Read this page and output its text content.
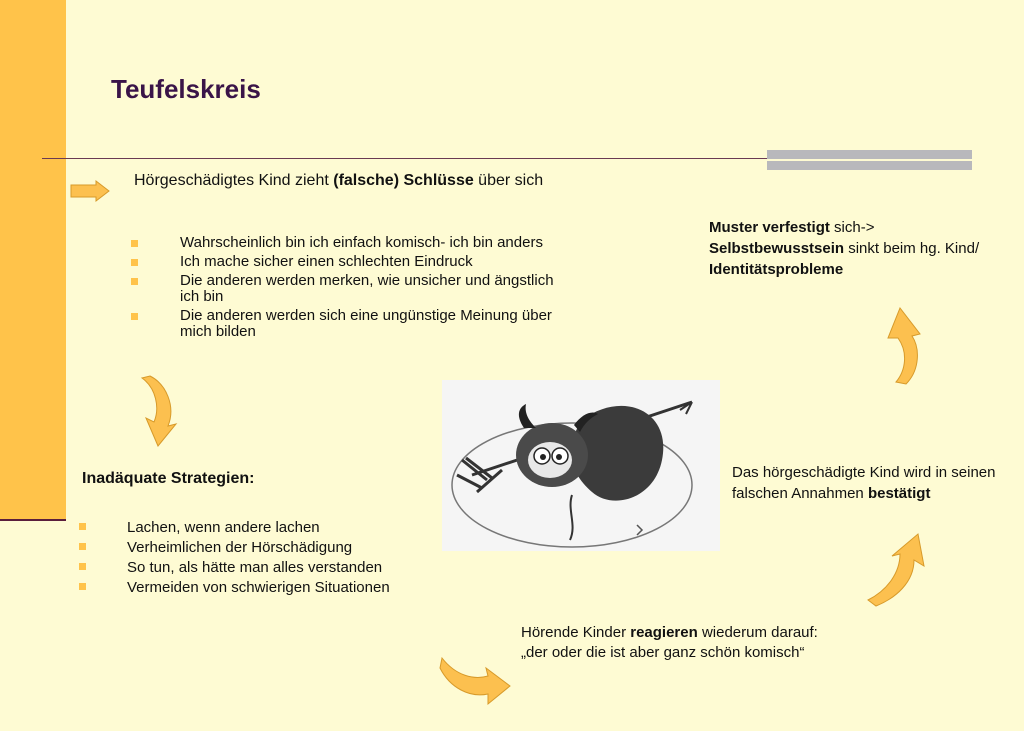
Teufelskreis
Hörgeschädigtes Kind zieht (falsche) Schlüsse über sich
Wahrscheinlich bin ich einfach komisch- ich bin anders
Ich mache sicher einen schlechten Eindruck
Die anderen werden merken, wie unsicher und ängstlich ich bin
Die anderen werden sich eine ungünstige Meinung über mich bilden
Inadäquate Strategien:
Lachen, wenn andere lachen
Verheimlichen der Hörschädigung
So tun, als hätte man alles verstanden
Vermeiden von schwierigen Situationen
Muster verfestigt sich->
Selbstbewusstsein sinkt beim hg. Kind/ Identitätsprobleme
Das hörgeschädigte Kind wird in seinen falschen Annahmen bestätigt
Hörende Kinder reagieren wiederum darauf:
„der oder die ist aber ganz schön komisch“
